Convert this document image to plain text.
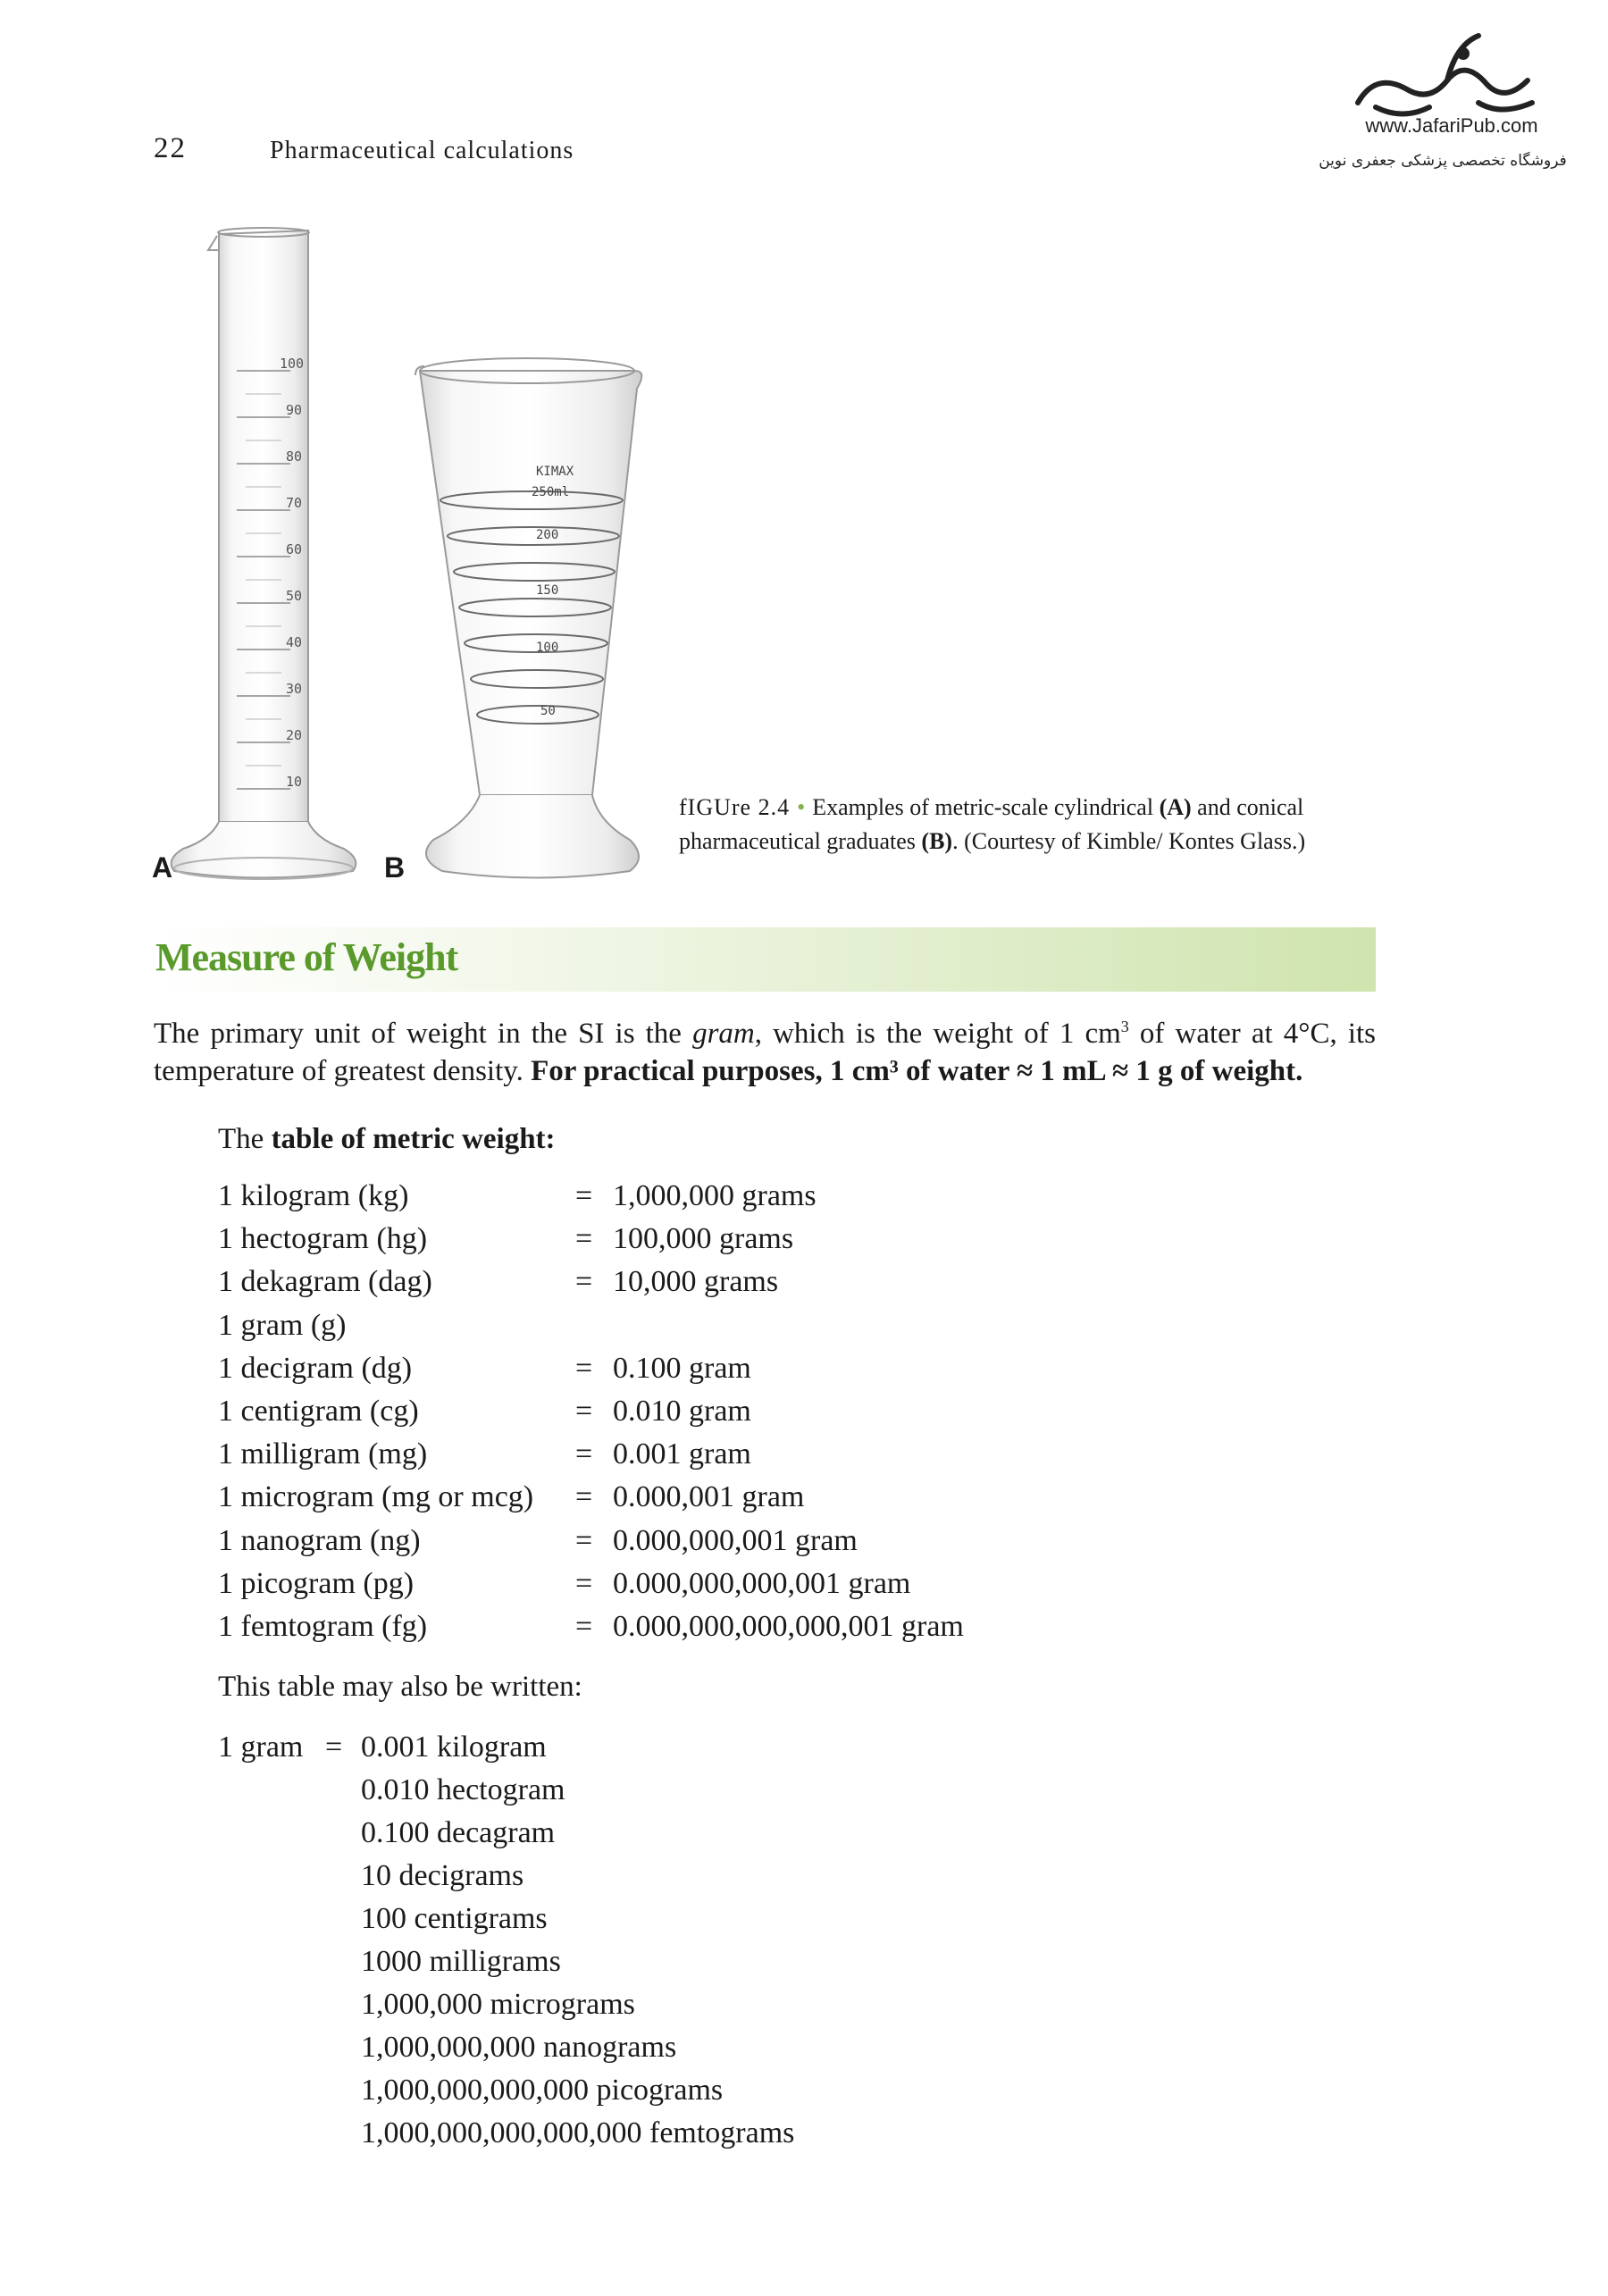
22	Pharmaceutical calculations
www.JafariPub.com
فروشگاه تخصصی پزشکی جعفری نوین
100
90
80
70
60
50
40
30
20
10
KIMAX
250ml
200
150
100
50
A	B
fIGUre 2.4 • Examples of metric-scale cylindrical (A) and conical pharmaceutical graduates (B). (Courtesy of Kimble/ Kontes Glass.)
Measure of Weight
The primary unit of weight in the SI is the gram, which is the weight of 1 $cm^3$ of water at 4°C, its temperature of greatest density. For practical purposes, 1 cm³ of water ≈ 1 mL ≈ 1 g of weight.
The table of metric weight:
1 kilogram (kg)	= 1,000,000 grams
1 hectogram (hg)	= 100,000 grams
1 dekagram (dag)	= 10,000 grams
1 gram (g)
1 decigram (dg)	= 0.100 gram
1 centigram (cg)	= 0.010 gram
1 milligram (mg)	= 0.001 gram
1 microgram (mg or mcg) = 0.000,001 gram
1 nanogram (ng)	= 0.000,000,001 gram
1 picogram (pg)	= 0.000,000,000,001 gram
1 femtogram (fg)	= 0.000,000,000,000,001 gram
This table may also be written:
1 gram = 0.001 kilogram
0.010 hectogram
0.100 decagram
10 decigrams
100 centigrams
1000 milligrams
1,000,000 micrograms
1,000,000,000 nanograms
1,000,000,000,000 picograms
1,000,000,000,000,000 femtograms
